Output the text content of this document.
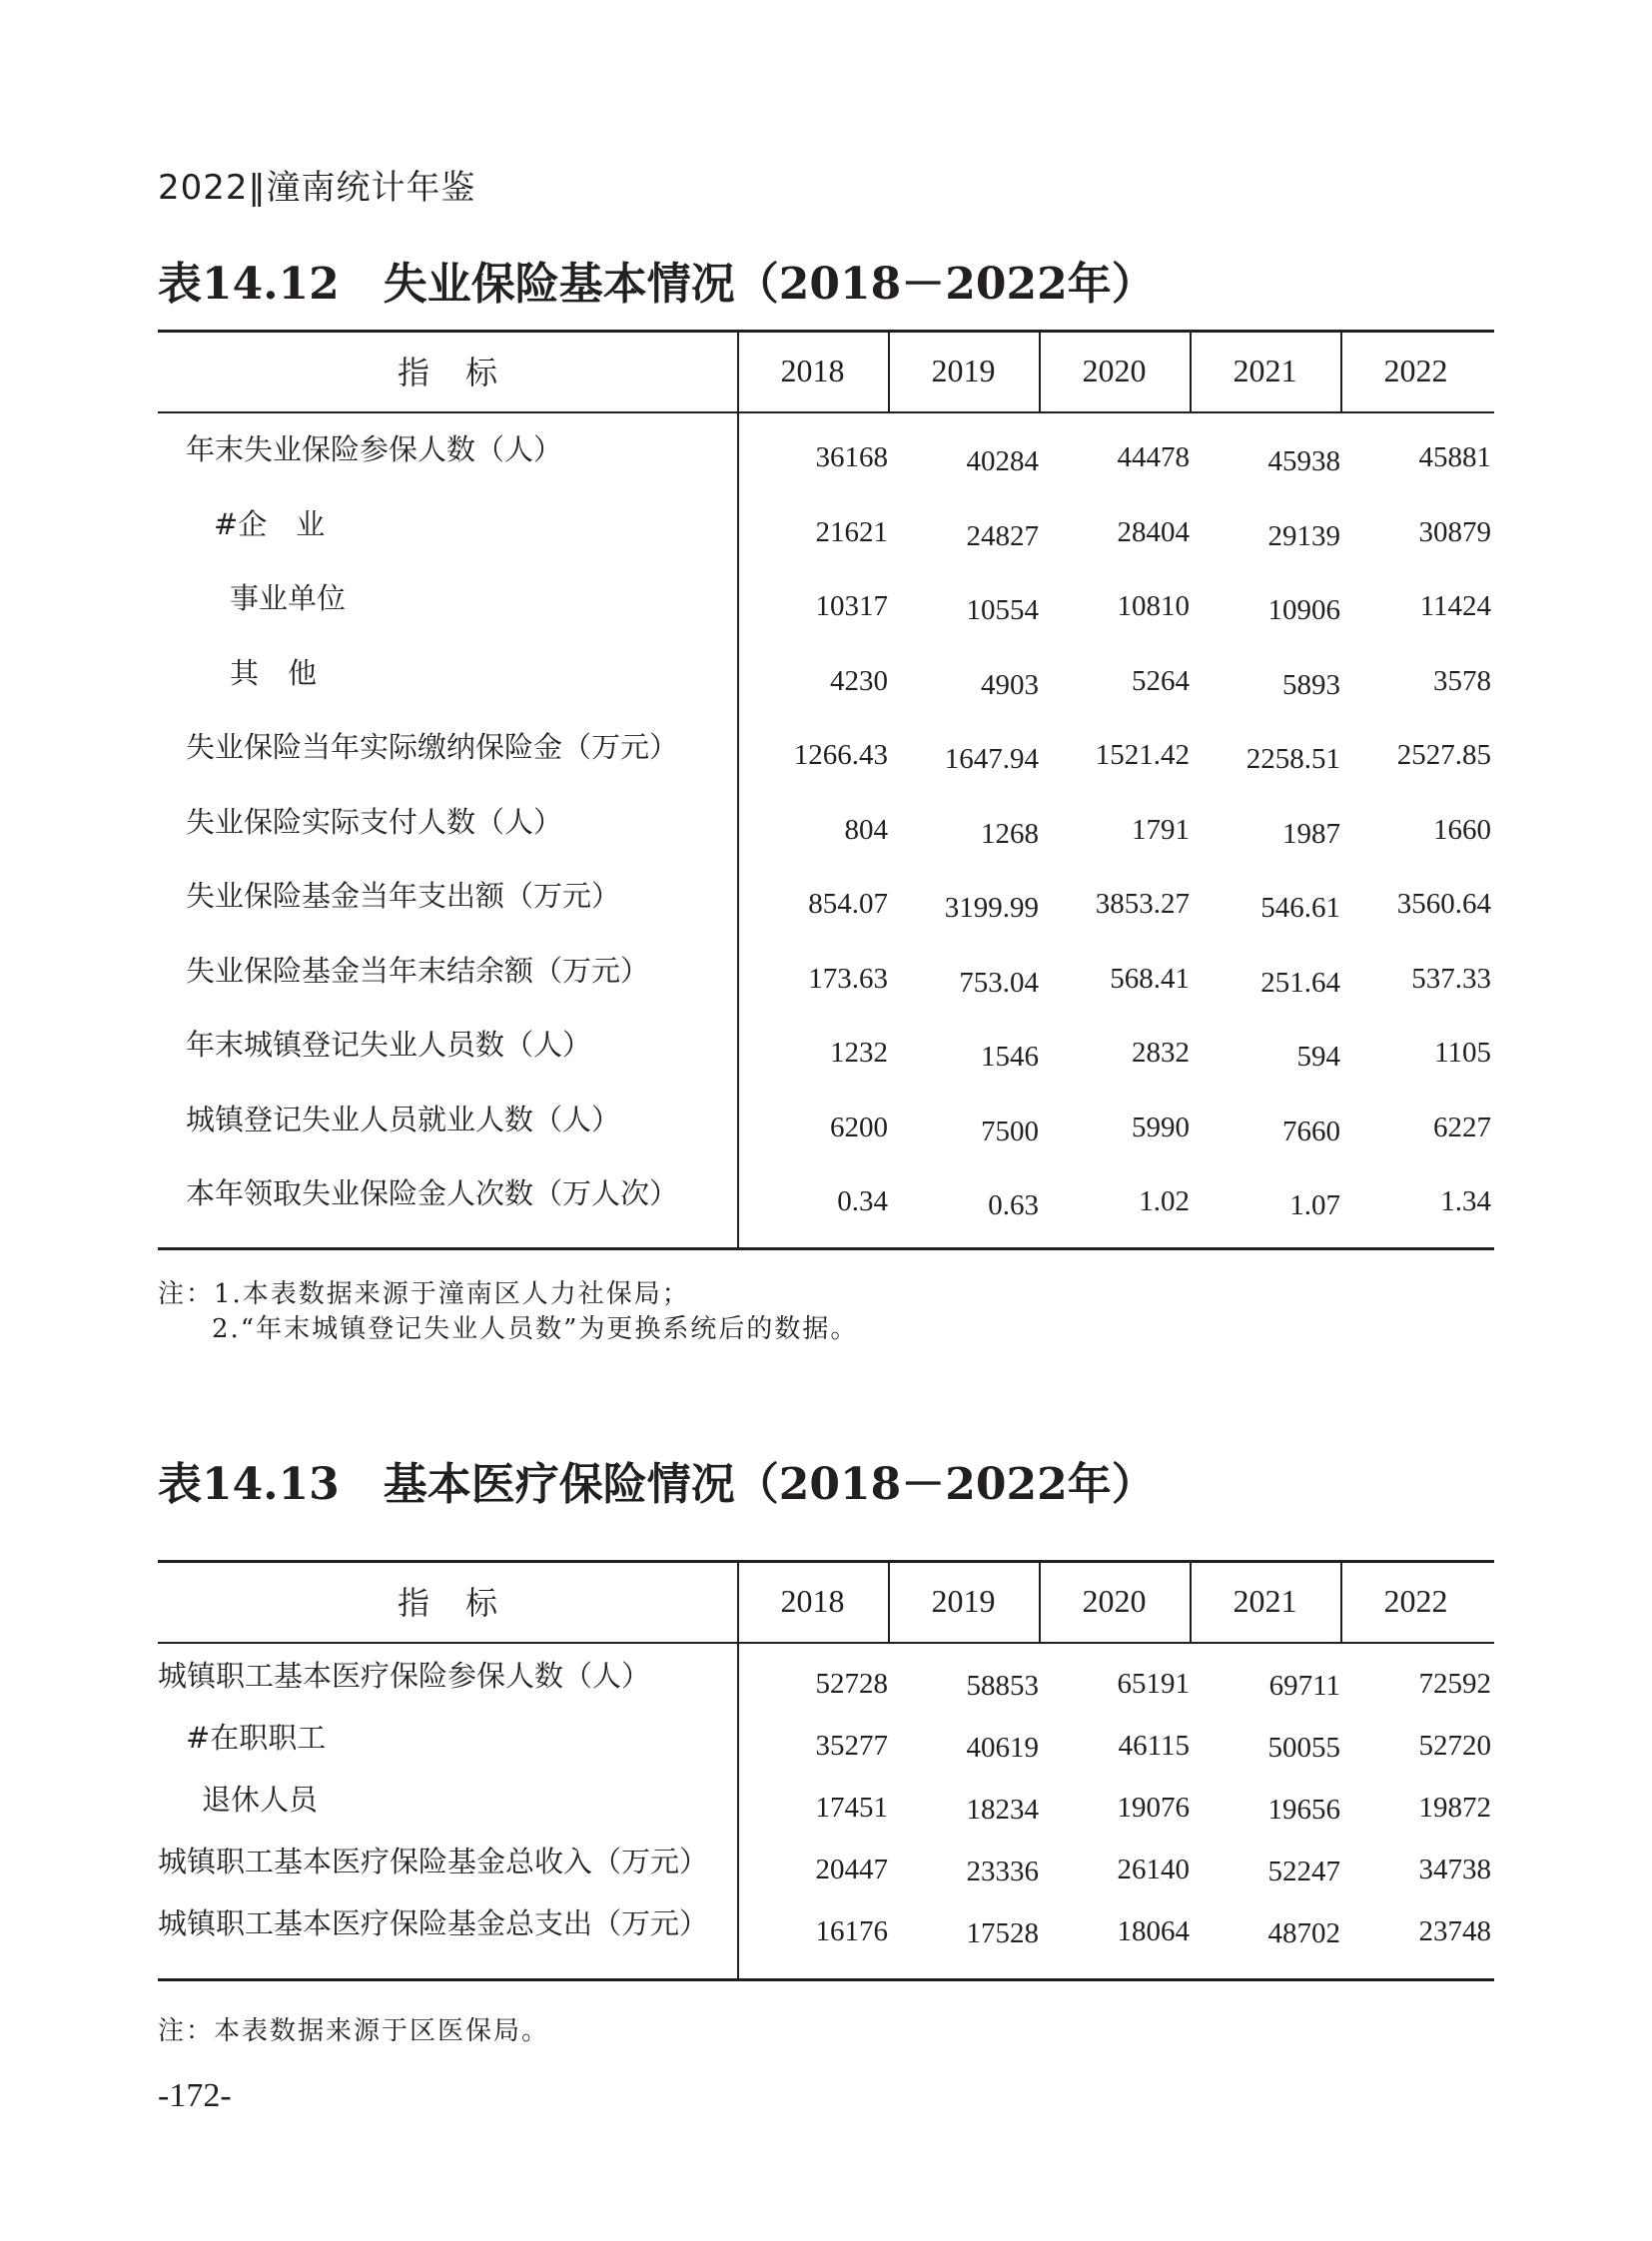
2022‖潼南统计年鉴
表14.12 失业保险基本情况（2018－2022年）
指标	2018	2019	2020	2021	2022
年末失业保险参保人数（人）	36168	40284	44478	45938	45881
#企　业	21621	24827	28404	29139	30879
事业单位	10317	10554	10810	10906	11424
其　他	4230	4903	5264	5893	3578
失业保险当年实际缴纳保险金（万元）	1266.43	1647.94	1521.42	2258.51	2527.85
失业保险实际支付人数（人）	804	1268	1791	1987	1660
失业保险基金当年支出额（万元）	854.07	3199.99	3853.27	546.61	3560.64
失业保险基金当年末结余额（万元）	173.63	753.04	568.41	251.64	537.33
年末城镇登记失业人员数（人）	1232	1546	2832	594	1105
城镇登记失业人员就业人数（人）	6200	7500	5990	7660	6227
本年领取失业保险金人次数（万人次）	0.34	0.63	1.02	1.07	1.34
注：1.本表数据来源于潼南区人力社保局；
2.“年末城镇登记失业人员数”为更换系统后的数据。
表14.13 基本医疗保险情况（2018－2022年）
指标	2018	2019	2020	2021	2022
城镇职工基本医疗保险参保人数（人）	52728	58853	65191	69711	72592
#在职职工	35277	40619	46115	50055	52720
退休人员	17451	18234	19076	19656	19872
城镇职工基本医疗保险基金总收入（万元）	20447	23336	26140	52247	34738
城镇职工基本医疗保险基金总支出（万元）	16176	17528	18064	48702	23748
注：本表数据来源于区医保局。
-172-
